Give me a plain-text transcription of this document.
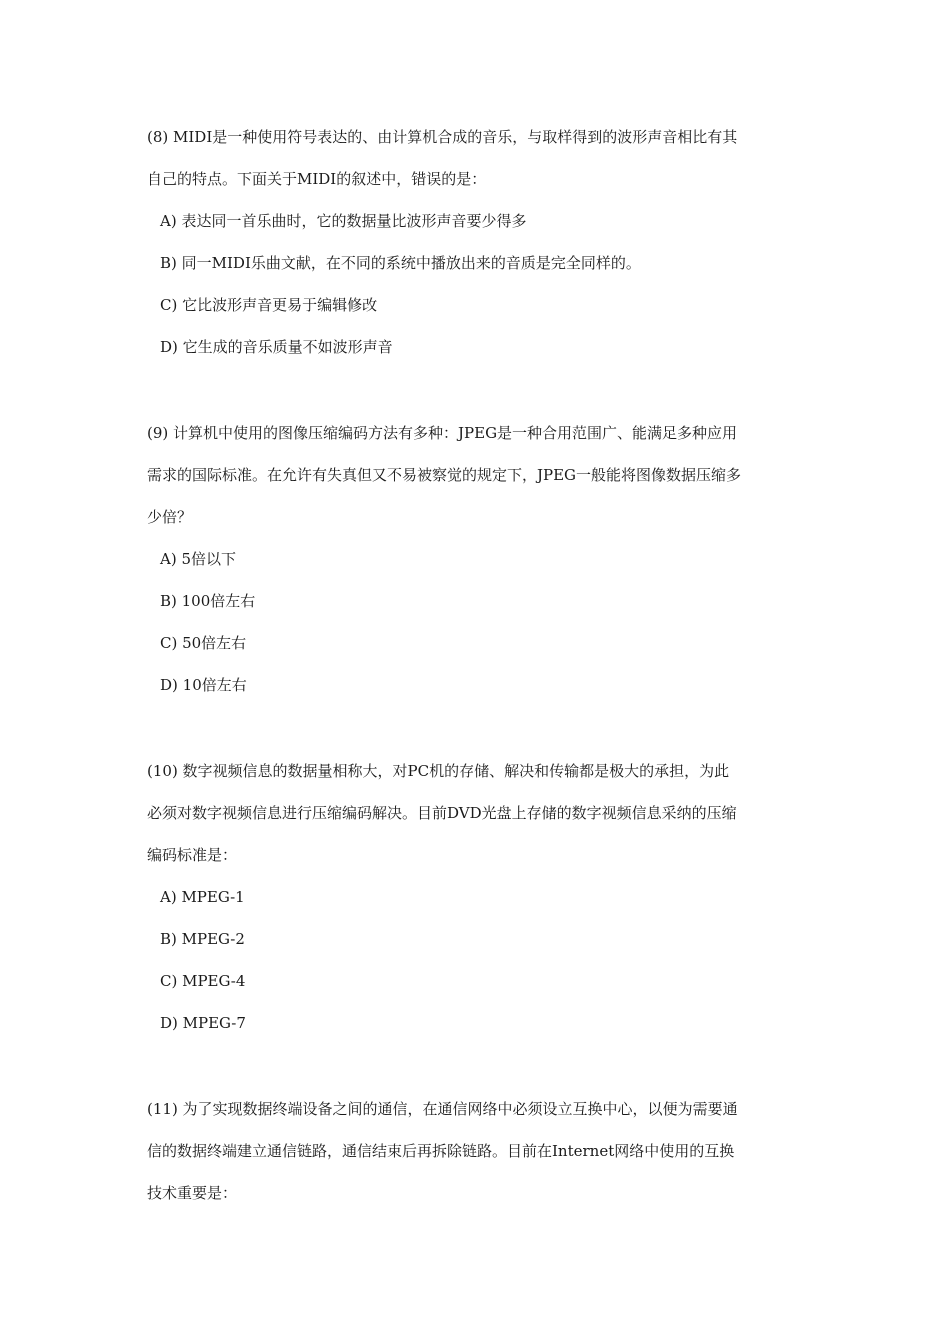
(8) MIDI是一种使用符号表达的、由计算机合成的音乐，与取样得到的波形声音相比有其
自己的特点。下面关于MIDI的叙述中，错误的是：
A) 表达同一首乐曲时，它的数据量比波形声音要少得多
B) 同一MIDI乐曲文献，在不同的系统中播放出来的音质是完全同样的。
C) 它比波形声音更易于编辑修改
D) 它生成的音乐质量不如波形声音
(9) 计算机中使用的图像压缩编码方法有多种：JPEG是一种合用范围广、能满足多种应用
需求的国际标准。在允许有失真但又不易被察觉的规定下，JPEG一般能将图像数据压缩多
少倍？
A) 5倍以下
B) 100倍左右
C) 50倍左右
D) 10倍左右
(10) 数字视频信息的数据量相称大，对PC机的存储、解决和传输都是极大的承担，为此
必须对数字视频信息进行压缩编码解决。目前DVD光盘上存储的数字视频信息采纳的压缩
编码标准是：
A) MPEG-1
B) MPEG-2
C) MPEG-4
D) MPEG-7
(11) 为了实现数据终端设备之间的通信，在通信网络中必须设立互换中心，以便为需要通
信的数据终端建立通信链路，通信结束后再拆除链路。目前在Internet网络中使用的互换
技术重要是：
